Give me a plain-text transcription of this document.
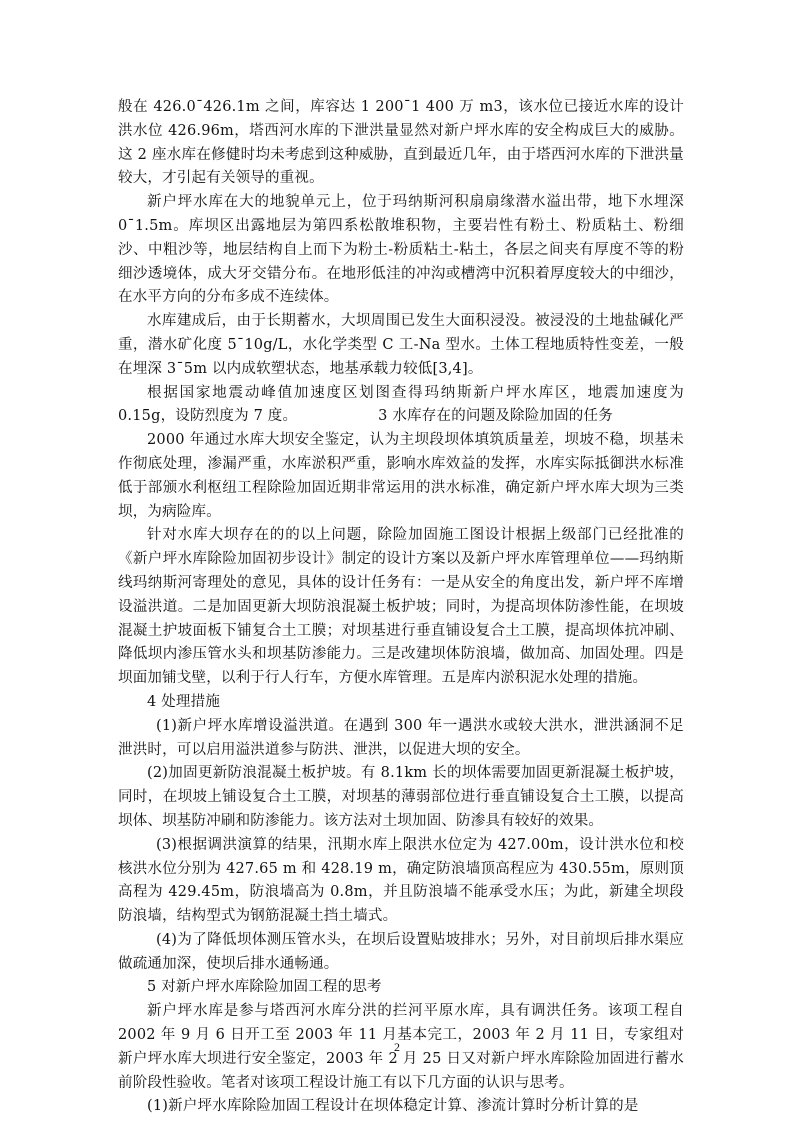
般在 426.0¯426.1m 之间，库容达 1 200¯1 400 万 m3，该水位已接近水库的设计洪水位 426.96m，塔西河水库的下泄洪量显然对新户坪水库的安全构成巨大的威胁。这 2 座水库在修健时均未考虑到这种威胁，直到最近几年，由于塔西河水库的下泄洪量较大，才引起有关领导的重视。

新户坪水库在大的地貌单元上，位于玛纳斯河积扇扇缘潜水溢出带，地下水埋深 0¯1.5m。库坝区出露地层为第四系松散堆积物，主要岩性有粉土、粉质粘土、粉细沙、中粗沙等，地层结构自上而下为粉土-粉质粘土-粘土，各层之间夹有厚度不等的粉细沙透境体，成大牙交错分布。在地形低洼的冲沟或槽湾中沉积着厚度较大的中细沙，在水平方向的分布多成不连续体。

水库建成后，由于长期蓄水，大坝周围已发生大面积浸没。被浸没的土地盐碱化严重，潜水矿化度 5¯10g/L，水化学类型 C 工-Na 型水。土体工程地质特性变差，一般在埋深 3¯5m 以内成软塑状态，地基承载力较低[3,4]。

根据国家地震动峰值加速度区划图查得玛纳斯新户坪水库区，地震加速度为 0.15g，设防烈度为 7 度。　　　　　　3 水库存在的问题及除险加固的任务

2000 年通过水库大坝安全鉴定，认为主坝段坝体填筑质量差，坝坡不稳，坝基未作彻底处理，渗漏严重，水库淤积严重，影响水库效益的发挥，水库实际抵御洪水标准低于部颁水利枢纽工程除险加固近期非常运用的洪水标准，确定新户坪水库大坝为三类坝，为病险库。

针对水库大坝存在的的以上问题，除险加固施工图设计根据上级部门已经批准的《新户坪水库除险加固初步设计》制定的设计方案以及新户坪水库管理单位——玛纳斯线玛纳斯河寄理处的意见，具体的设计任务有：一是从安全的角度出发，新户坪不库增设溢洪道。二是加固更新大坝防浪混凝土板护坡；同时，为提高坝体防渗性能，在坝坡混凝土护坡面板下铺复合土工膜；对坝基进行垂直铺设复合土工膜，提高坝体抗冲刷、降低坝内渗压管水头和坝基防渗能力。三是改建坝体防浪墙，做加高、加固处理。四是坝面加铺戈壁，以利于行人行车，方便水库管理。五是库内淤积泥水处理的措施。

4 处理措施

(1)新户坪水库增设溢洪道。在遇到 300 年一遇洪水或较大洪水，泄洪涵洞不足泄洪时，可以启用溢洪道参与防洪、泄洪，以促进大坝的安全。

(2)加固更新防浪混凝土板护坡。有 8.1km 长的坝体需要加固更新混凝土板护坡，同时，在坝坡上铺设复合土工膜，对坝基的薄弱部位进行垂直铺设复合土工膜，以提高坝体、坝基防冲刷和防渗能力。该方法对土坝加固、防渗具有较好的效果。

(3)根据调洪演算的结果，汛期水库上限洪水位定为 427.00m，设计洪水位和校核洪水位分别为 427.65 m 和 428.19 m，确定防浪墙顶高程应为 430.55m，原则顶高程为 429.45m，防浪墙高为 0.8m，并且防浪墙不能承受水压；为此，新建全坝段防浪墙，结构型式为钢筋混凝土挡土墙式。

(4)为了降低坝体测压管水头，在坝后设置贴坡排水；另外，对目前坝后排水渠应做疏通加深，使坝后排水通畅通。

5 对新户坪水库除险加固工程的思考

新户坪水库是参与塔西河水库分洪的拦河平原水库，具有调洪任务。该项工程自 2002 年 9 月 6 日开工至 2003 年 11 月基本完工，2003 年 2 月 11 日，专家组对新户坪水库大坝进行安全鉴定，2003 年 2 月 25 日又对新户坪水库除险加固进行蓄水前阶段性验收。笔者对该项工程设计施工有以下几方面的认识与思考。

(1)新户坪水库除险加固工程设计在坝体稳定计算、渗流计算时分析计算的是

2
